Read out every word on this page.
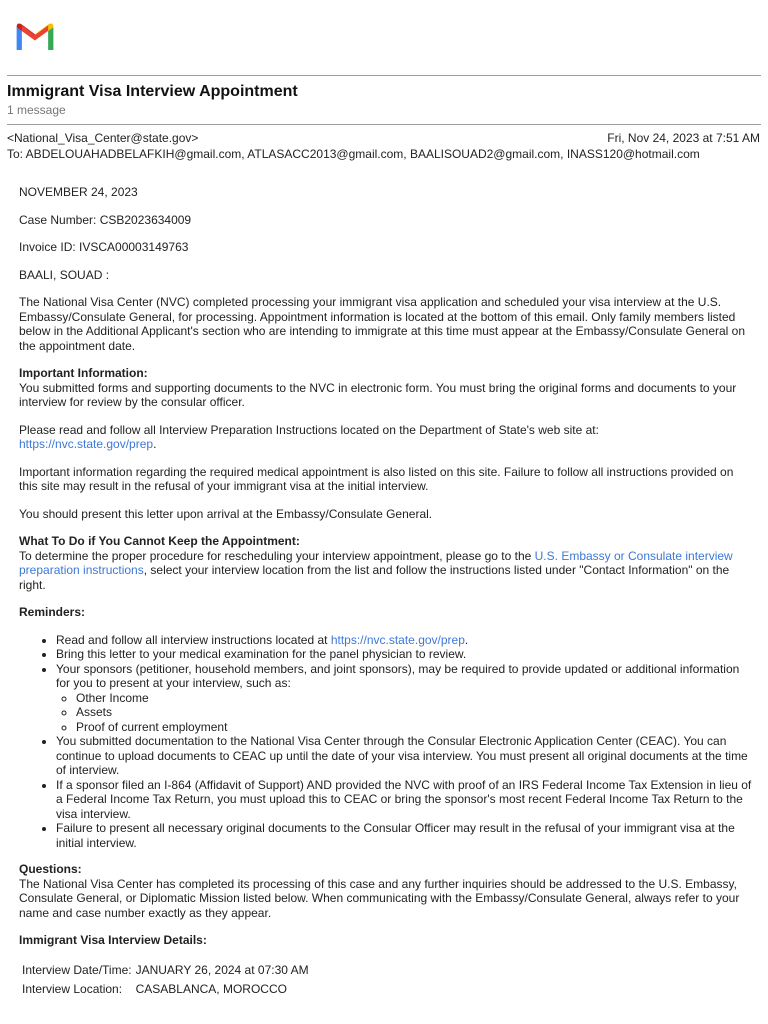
Immigrant Visa Interview Appointment
1 message
<National_Visa_Center@state.gov>	Fri, Nov 24, 2023 at 7:51 AM
To: ABDELOUAHADBELAFKIH@gmail.com, ATLASACC2013@gmail.com, BAALISOUAD2@gmail.com, INASS120@hotmail.com

NOVEMBER 24, 2023

Case Number: CSB2023634009

Invoice ID: IVSCA00003149763

BAALI, SOUAD :

The National Visa Center (NVC) completed processing your immigrant visa application and scheduled your visa interview at the U.S. Embassy/Consulate General, for processing. Appointment information is located at the bottom of this email. Only family members listed below in the Additional Applicant's section who are intending to immigrate at this time must appear at the Embassy/Consulate General on the appointment date.

Important Information:
You submitted forms and supporting documents to the NVC in electronic form. You must bring the original forms and documents to your interview for review by the consular officer.

Please read and follow all Interview Preparation Instructions located on the Department of State's web site at:
https://nvc.state.gov/prep.

Important information regarding the required medical appointment is also listed on this site. Failure to follow all instructions provided on this site may result in the refusal of your immigrant visa at the initial interview.

You should present this letter upon arrival at the Embassy/Consulate General.

What To Do if You Cannot Keep the Appointment:
To determine the proper procedure for rescheduling your interview appointment, please go to the U.S. Embassy or Consulate interview preparation instructions, select your interview location from the list and follow the instructions listed under "Contact Information" on the right.

Reminders:

• Read and follow all interview instructions located at https://nvc.state.gov/prep.
• Bring this letter to your medical examination for the panel physician to review.
• Your sponsors (petitioner, household members, and joint sponsors), may be required to provide updated or additional information for you to present at your interview, such as:
◦ Other Income
◦ Assets
◦ Proof of current employment
• You submitted documentation to the National Visa Center through the Consular Electronic Application Center (CEAC). You can continue to upload documents to CEAC up until the date of your visa interview. You must present all original documents at the time of interview.
• If a sponsor filed an I-864 (Affidavit of Support) AND provided the NVC with proof of an IRS Federal Income Tax Extension in lieu of a Federal Income Tax Return, you must upload this to CEAC or bring the sponsor's most recent Federal Income Tax Return to the visa interview.
• Failure to present all necessary original documents to the Consular Officer may result in the refusal of your immigrant visa at the initial interview.

Questions:
The National Visa Center has completed its processing of this case and any further inquiries should be addressed to the U.S. Embassy, Consulate General, or Diplomatic Mission listed below. When communicating with the Embassy/Consulate General, always refer to your name and case number exactly as they appear.

Immigrant Visa Interview Details:

Interview Date/Time:	JANUARY 26, 2024 at 07:30 AM
Interview Location:	CASABLANCA, MOROCCO
